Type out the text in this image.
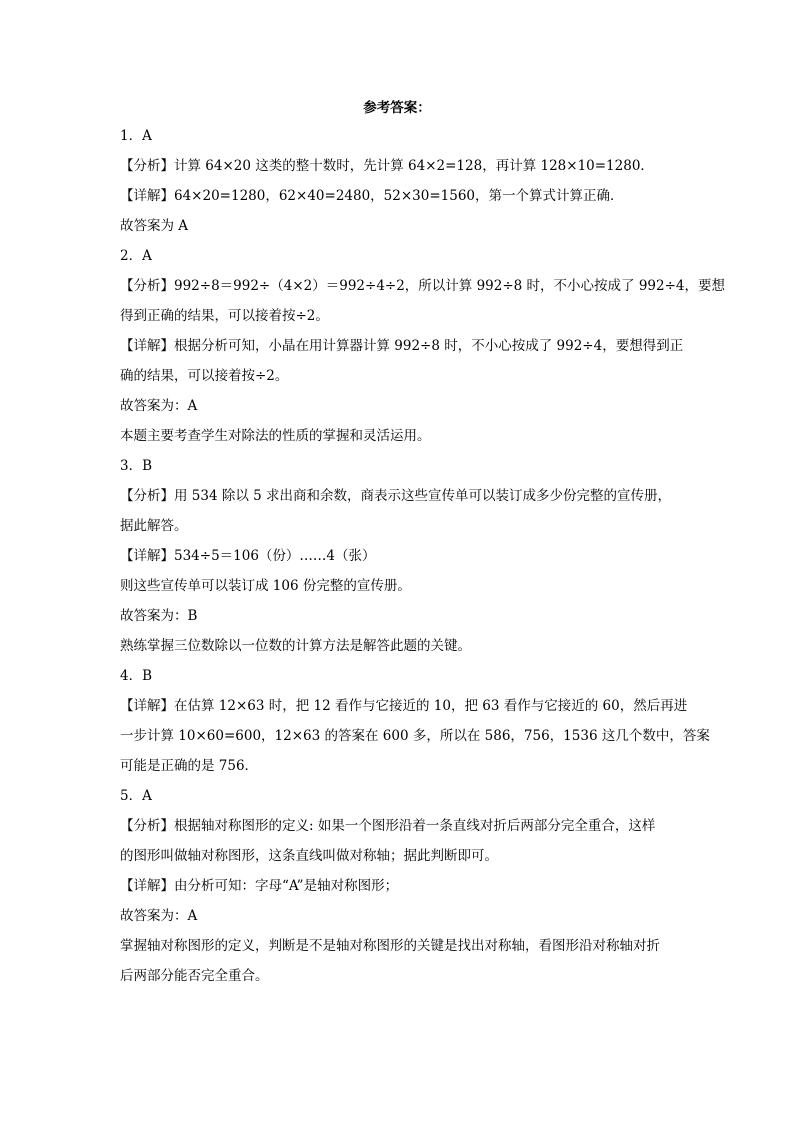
参考答案：
1．A
【分析】计算 64×20 这类的整十数时，先计算 64×2=128，再计算 128×10=1280．
【详解】64×20=1280，62×40=2480，52×30=1560，第一个算式计算正确．
故答案为 A
2．A
【分析】992÷8＝992÷（4×2）＝992÷4÷2，所以计算 992÷8 时，不小心按成了 992÷4，要想
得到正确的结果，可以接着按÷2。
【详解】根据分析可知，小晶在用计算器计算 992÷8 时，不小心按成了 992÷4，要想得到正
确的结果，可以接着按÷2。
故答案为：A
本题主要考查学生对除法的性质的掌握和灵活运用。
3．B
【分析】用 534 除以 5 求出商和余数，商表示这些宣传单可以装订成多少份完整的宣传册，
据此解答。
【详解】534÷5＝106（份）……4（张）
则这些宣传单可以装订成 106 份完整的宣传册。
故答案为：B
熟练掌握三位数除以一位数的计算方法是解答此题的关键。
4．B
【详解】在估算 12×63 时，把 12 看作与它接近的 10，把 63 看作与它接近的 60，然后再进
一步计算 10×60=600，12×63 的答案在 600 多，所以在 586，756，1536 这几个数中，答案
可能是正确的是 756．
5．A
【分析】根据轴对称图形的定义: 如果一个图形沿着一条直线对折后两部分完全重合，这样
的图形叫做轴对称图形，这条直线叫做对称轴；据此判断即可。
【详解】由分析可知：字母“A”是轴对称图形；
故答案为：A
掌握轴对称图形的定义，判断是不是轴对称图形的关键是找出对称轴，看图形沿对称轴对折
后两部分能否完全重合。
